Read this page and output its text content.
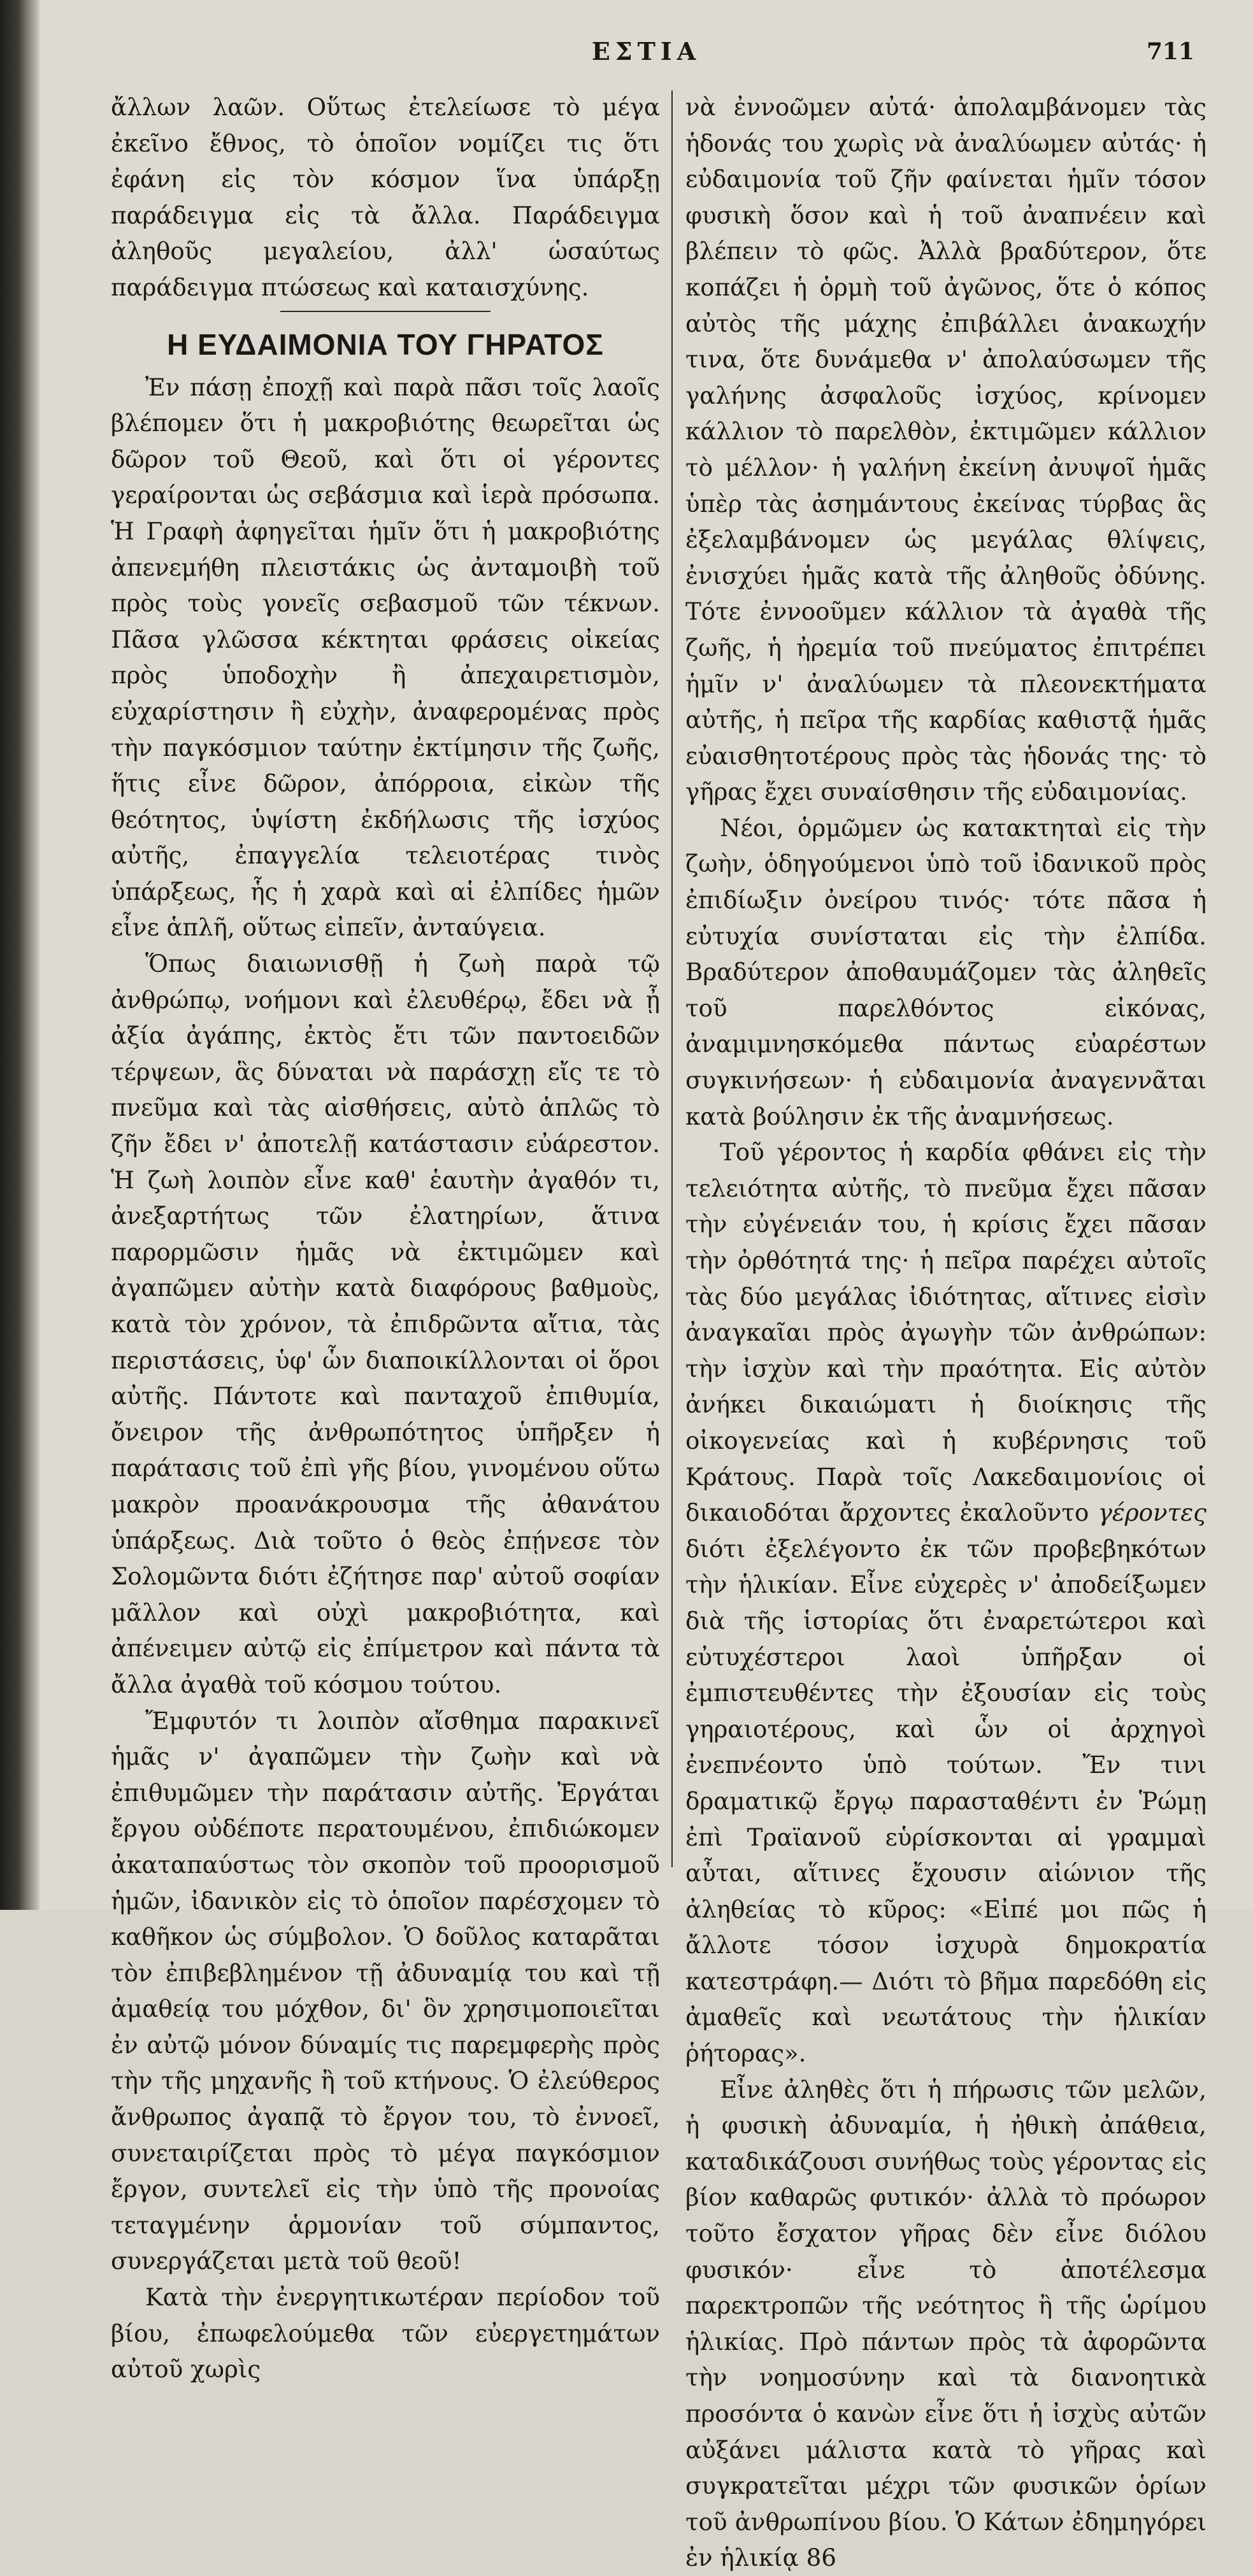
ΕΣΤΙΑ	711

ἄλλων λαῶν. Οὕτως ἐτελείωσε τὸ μέγα ἐκεῖνο ἔθνος, τὸ ὁποῖον νομίζει τις ὅτι ἐφάνη εἰς τὸν κόσμον ἵνα ὑπάρξῃ παράδειγμα εἰς τὰ ἄλλα. Παράδειγμα ἀληθοῦς μεγαλείου, ἀλλ' ὡσαύτως παράδειγμα πτώσεως καὶ καταισχύνης.

Η ΕΥΔΑΙΜΟΝΙΑ ΤΟΥ ΓΗΡΑΤΟΣ

Ἐν πάσῃ ἐποχῇ καὶ παρὰ πᾶσι τοῖς λαοῖς βλέπομεν ὅτι ἡ μακροβιότης θεωρεῖται ὡς δῶρον τοῦ Θεοῦ, καὶ ὅτι οἱ γέροντες γεραίρονται ὡς σεβάσμια καὶ ἱερὰ πρόσωπα. Ἡ Γραφὴ ἀφηγεῖται ἡμῖν ὅτι ἡ μακροβιότης ἀπενεμήθη πλειστάκις ὡς ἀνταμοιβὴ τοῦ πρὸς τοὺς γονεῖς σεβασμοῦ τῶν τέκνων. Πᾶσα γλῶσσα κέκτηται φράσεις οἰκείας πρὸς ὑποδοχὴν ἢ ἀπεχαιρετισμὸν, εὐχαρίστησιν ἢ εὐχὴν, ἀναφερομένας πρὸς τὴν παγκόσμιον ταύτην ἐκτίμησιν τῆς ζωῆς, ἥτις εἶνε δῶρον, ἀπόρροια, εἰκὼν τῆς θεότητος, ὑψίστη ἐκδήλωσις τῆς ἰσχύος αὐτῆς, ἐπαγγελία τελειοτέρας τινὸς ὑπάρξεως, ἧς ἡ χαρὰ καὶ αἱ ἐλπίδες ἡμῶν εἶνε ἁπλῆ, οὕτως εἰπεῖν, ἀνταύγεια.

Ὅπως διαιωνισθῇ ἡ ζωὴ παρὰ τῷ ἀνθρώπῳ, νοήμονι καὶ ἐλευθέρῳ, ἔδει νὰ ᾖ ἀξία ἀγάπης, ἐκτὸς ἔτι τῶν παντοειδῶν τέρψεων, ἃς δύναται νὰ παράσχῃ εἴς τε τὸ πνεῦμα καὶ τὰς αἰσθήσεις, αὐτὸ ἁπλῶς τὸ ζῆν ἔδει ν' ἀποτελῇ κατάστασιν εὐάρεστον. Ἡ ζωὴ λοιπὸν εἶνε καθ' ἑαυτὴν ἀγαθόν τι, ἀνεξαρτήτως τῶν ἐλατηρίων, ἅτινα παρορμῶσιν ἡμᾶς νὰ ἐκτιμῶμεν καὶ ἀγαπῶμεν αὐτὴν κατὰ διαφόρους βαθμοὺς, κατὰ τὸν χρόνον, τὰ ἐπιδρῶντα αἴτια, τὰς περιστάσεις, ὑφ' ὧν διαποικίλλονται οἱ ὅροι αὐτῆς. Πάντοτε καὶ πανταχοῦ ἐπιθυμία, ὄνειρον τῆς ἀνθρωπότητος ὑπῆρξεν ἡ παράτασις τοῦ ἐπὶ γῆς βίου, γινομένου οὕτω μακρὸν προανάκρουσμα τῆς ἀθανάτου ὑπάρξεως. Διὰ τοῦτο ὁ θεὸς ἐπῄνεσε τὸν Σολομῶντα διότι ἐζήτησε παρ' αὐτοῦ σοφίαν μᾶλλον καὶ οὐχὶ μακροβιότητα, καὶ ἀπένειμεν αὐτῷ εἰς ἐπίμετρον καὶ πάντα τὰ ἄλλα ἀγαθὰ τοῦ κόσμου τούτου.

Ἔμφυτόν τι λοιπὸν αἴσθημα παρακινεῖ ἡμᾶς ν' ἀγαπῶμεν τὴν ζωὴν καὶ νὰ ἐπιθυμῶμεν τὴν παράτασιν αὐτῆς. Ἐργάται ἔργου οὐδέποτε περατουμένου, ἐπιδιώκομεν ἀκαταπαύστως τὸν σκοπὸν τοῦ προορισμοῦ ἡμῶν, ἰδανικὸν εἰς τὸ ὁποῖον παρέσχομεν τὸ καθῆκον ὡς σύμβολον. Ὁ δοῦλος καταρᾶται τὸν ἐπιβεβλημένον τῇ ἀδυναμίᾳ του καὶ τῇ ἀμαθείᾳ του μόχθον, δι' ὃν χρησιμοποιεῖται ἐν αὐτῷ μόνον δύναμίς τις παρεμφερὴς πρὸς τὴν τῆς μηχανῆς ἢ τοῦ κτήνους. Ὁ ἐλεύθερος ἄνθρωπος ἀγαπᾷ τὸ ἔργον του, τὸ ἐννοεῖ, συνεταιρίζεται πρὸς τὸ μέγα παγκόσμιον ἔργον, συντελεῖ εἰς τὴν ὑπὸ τῆς προνοίας τεταγμένην ἁρμονίαν τοῦ σύμπαντος, συνεργάζεται μετὰ τοῦ θεοῦ!

Κατὰ τὴν ἐνεργητικωτέραν περίοδον τοῦ βίου, ἐπωφελούμεθα τῶν εὐεργετημάτων αὐτοῦ χωρὶς

νὰ ἐννοῶμεν αὐτά· ἀπολαμβάνομεν τὰς ἡδονάς του χωρὶς νὰ ἀναλύωμεν αὐτάς· ἡ εὐδαιμονία τοῦ ζῆν φαίνεται ἡμῖν τόσον φυσικὴ ὅσον καὶ ἡ τοῦ ἀναπνέειν καὶ βλέπειν τὸ φῶς. Ἀλλὰ βραδύτερον, ὅτε κοπάζει ἡ ὁρμὴ τοῦ ἀγῶνος, ὅτε ὁ κόπος αὐτὸς τῆς μάχης ἐπιβάλλει ἀνακωχήν τινα, ὅτε δυνάμεθα ν' ἀπολαύσωμεν τῆς γαλήνης ἀσφαλοῦς ἰσχύος, κρίνομεν κάλλιον τὸ παρελθὸν, ἐκτιμῶμεν κάλλιον τὸ μέλλον· ἡ γαλήνη ἐκείνη ἀνυψοῖ ἡμᾶς ὑπὲρ τὰς ἀσημάντους ἐκείνας τύρβας ἃς ἐξελαμβάνομεν ὡς μεγάλας θλίψεις, ἐνισχύει ἡμᾶς κατὰ τῆς ἀληθοῦς ὀδύνης. Τότε ἐννοοῦμεν κάλλιον τὰ ἀγαθὰ τῆς ζωῆς, ἡ ἠρεμία τοῦ πνεύματος ἐπιτρέπει ἡμῖν ν' ἀναλύωμεν τὰ πλεονεκτήματα αὐτῆς, ἡ πεῖρα τῆς καρδίας καθιστᾷ ἡμᾶς εὐαισθητοτέρους πρὸς τὰς ἡδονάς της· τὸ γῆρας ἔχει συναίσθησιν τῆς εὐδαιμονίας.

Νέοι, ὁρμῶμεν ὡς κατακτηταὶ εἰς τὴν ζωὴν, ὁδηγούμενοι ὑπὸ τοῦ ἰδανικοῦ πρὸς ἐπιδίωξιν ὀνείρου τινός· τότε πᾶσα ἡ εὐτυχία συνίσταται εἰς τὴν ἐλπίδα. Βραδύτερον ἀποθαυμάζομεν τὰς ἀληθεῖς τοῦ παρελθόντος εἰκόνας, ἀναμιμνησκόμεθα πάντως εὐαρέστων συγκινήσεων· ἡ εὐδαιμονία ἀναγεννᾶται κατὰ βούλησιν ἐκ τῆς ἀναμνήσεως.

Τοῦ γέροντος ἡ καρδία φθάνει εἰς τὴν τελειότητα αὐτῆς, τὸ πνεῦμα ἔχει πᾶσαν τὴν εὐγένειάν του, ἡ κρίσις ἔχει πᾶσαν τὴν ὀρθότητά της· ἡ πεῖρα παρέχει αὐτοῖς τὰς δύο μεγάλας ἰδιότητας, αἵτινες εἰσὶν ἀναγκαῖαι πρὸς ἀγωγὴν τῶν ἀνθρώπων: τὴν ἰσχὺν καὶ τὴν πραότητα. Εἰς αὐτὸν ἀνήκει δικαιώματι ἡ διοίκησις τῆς οἰκογενείας καὶ ἡ κυβέρνησις τοῦ Κράτους. Παρὰ τοῖς Λακεδαιμονίοις οἱ δικαιοδόται ἄρχοντες ἐκαλοῦντο γέροντες διότι ἐξελέγοντο ἐκ τῶν προβεβηκότων τὴν ἡλικίαν. Εἶνε εὐχερὲς ν' ἀποδείξωμεν διὰ τῆς ἱστορίας ὅτι ἐναρετώτεροι καὶ εὐτυχέστεροι λαοὶ ὑπῆρξαν οἱ ἐμπιστευθέντες τὴν ἐξουσίαν εἰς τοὺς γηραιοτέρους, καὶ ὧν οἱ ἀρχηγοὶ ἐνεπνέοντο ὑπὸ τούτων. Ἔν τινι δραματικῷ ἔργῳ παρασταθέντι ἐν Ῥώμῃ ἐπὶ Τραϊανοῦ εὑρίσκονται αἱ γραμμαὶ αὗται, αἵτινες ἔχουσιν αἰώνιον τῆς ἀληθείας τὸ κῦρος: «Εἰπέ μοι πῶς ἡ ἄλλοτε τόσον ἰσχυρὰ δημοκρατία κατεστράφη.— Διότι τὸ βῆμα παρεδόθη εἰς ἀμαθεῖς καὶ νεωτάτους τὴν ἡλικίαν ῥήτορας».

Εἶνε ἀληθὲς ὅτι ἡ πήρωσις τῶν μελῶν, ἡ φυσικὴ ἀδυναμία, ἡ ἠθικὴ ἀπάθεια, καταδικάζουσι συνήθως τοὺς γέροντας εἰς βίον καθαρῶς φυτικόν· ἀλλὰ τὸ πρόωρον τοῦτο ἔσχατον γῆρας δὲν εἶνε διόλου φυσικόν· εἶνε τὸ ἀποτέλεσμα παρεκτροπῶν τῆς νεότητος ἢ τῆς ὡρίμου ἡλικίας. Πρὸ πάντων πρὸς τὰ ἀφορῶντα τὴν νοημοσύνην καὶ τὰ διανοητικὰ προσόντα ὁ κανὼν εἶνε ὅτι ἡ ἰσχὺς αὐτῶν αὐξάνει μάλιστα κατὰ τὸ γῆρας καὶ συγκρατεῖται μέχρι τῶν φυσικῶν ὁρίων τοῦ ἀνθρωπίνου βίου. Ὁ Κάτων ἐδημηγόρει ἐν ἡλικίᾳ 86
